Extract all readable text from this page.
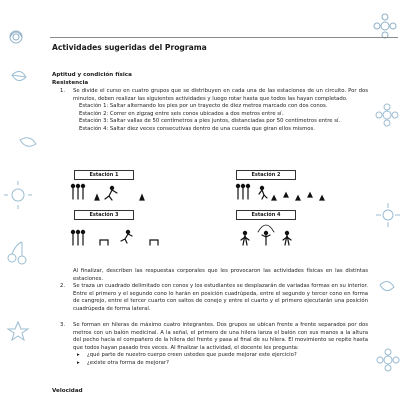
Actividades sugeridas del Programa
Aptitud y condición física
Resistencia
1. Se divide el curso en cuatro grupos que se distribuyen en cada una de las estaciones de un circuito. Por dos minutos, deben realizar las siguientes actividades y luego rotar hasta que todos las hayan completado.

Estación 1: Saltar alternando los pies por un trayecto de diez metros marcado con dos conos.

Estación 2: Correr en zigzag entre seis conos ubicados a dos metros entre sí.

Estación 3: Saltar vallas de 50 centímetros a pies juntos, distanciadas por 50 centímetros entre sí.

Estación 4: Saltar diez veces consecutivas dentro de una cuerda que giran ellos mismos.

Estación 1	Estación 2
Estación 3	Estación 4

Al finalizar, describen las respuestas corporales que les provocaron las actividades físicas en las distintas estaciones.

2. Se traza un cuadrado delimitado con conos y los estudiantes se desplazarán de variadas formas en su interior. Entre el primero y el segundo cono lo harán en posición cuadrúpeda, entre el segundo y tercer cono en forma de cangrejo, entre el tercer cuarto con saltos de conejo y entre el cuarto y el primero ejecutarán una posición cuadrúpeda de forma lateral.

3. Se forman en hileras de máximo cuatro integrantes. Dos grupos se ubican frente a frente separados por dos metros con un balón medicinal. A la señal, el primero de una hilera lanza el balón con sus manos a la altura del pecho hacia el compañero de la hilera del frente y pasa al final de su hilera. El movimiento se repite hasta que todos hayan pasado tres veces. Al finalizar la actividad, el docente les pregunta:

▸ ¿qué parte de nuestro cuerpo creen ustedes que puede mejorar este ejercicio?

▸ ¿existe otra forma de mejorar?

Velocidad
